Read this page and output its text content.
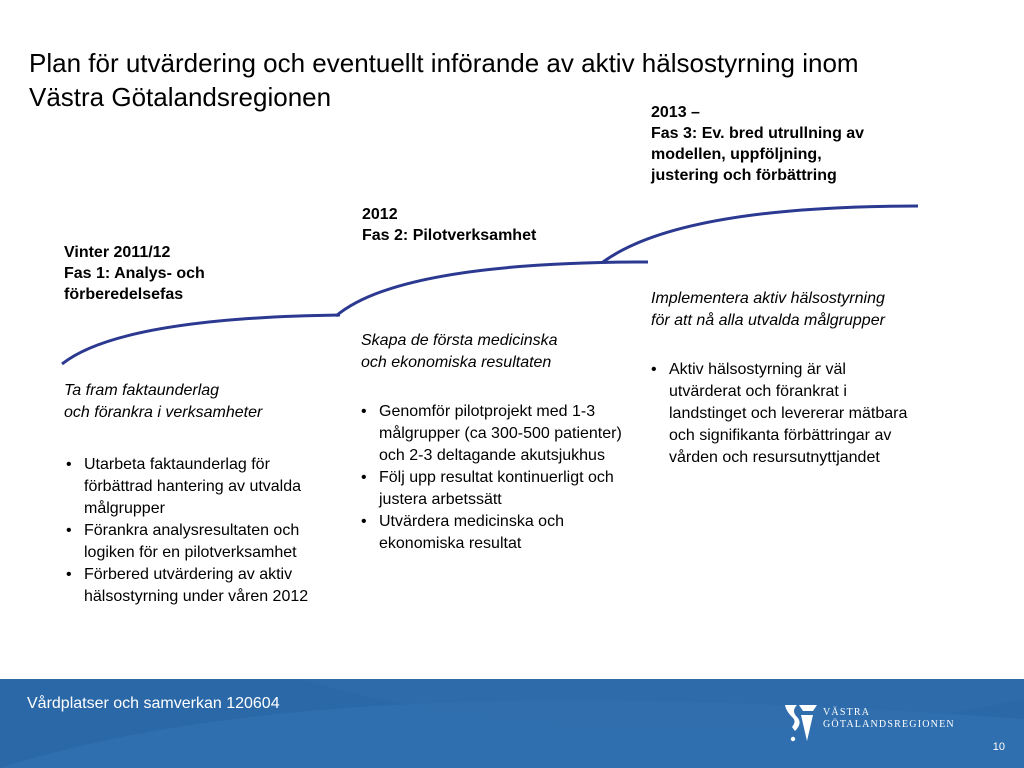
Plan för utvärdering och eventuellt införande av aktiv hälsostyrning inom
Västra Götalandsregionen
Vinter 2011/12
Fas 1: Analys- och
förberedelsefas
Ta fram faktaunderlag
och förankra i verksamheter
• Utarbeta faktaunderlag för förbättrad hantering av utvalda målgrupper
• Förankra analysresultaten och logiken för en pilotverksamhet
• Förbered utvärdering av aktiv hälsostyrning under våren 2012
2012
Fas 2: Pilotverksamhet
Skapa de första medicinska
och ekonomiska resultaten
• Genomför pilotprojekt med 1-3 målgrupper (ca 300-500 patienter) och 2-3 deltagande akutsjukhus
• Följ upp resultat kontinuerligt och justera arbetssätt
• Utvärdera medicinska och ekonomiska resultat
2013 –
Fas 3: Ev. bred utrullning av
modellen, uppföljning,
justering och förbättring
Implementera aktiv hälsostyrning
för att nå alla utvalda målgrupper
• Aktiv hälsostyrning är väl utvärderat och förankrat i landstinget och levererar mätbara och signifikanta förbättringar av vården och resursutnyttjandet
Vårdplatser och samverkan 120604
VÄSTRA
GÖTALANDSREGIONEN
10
